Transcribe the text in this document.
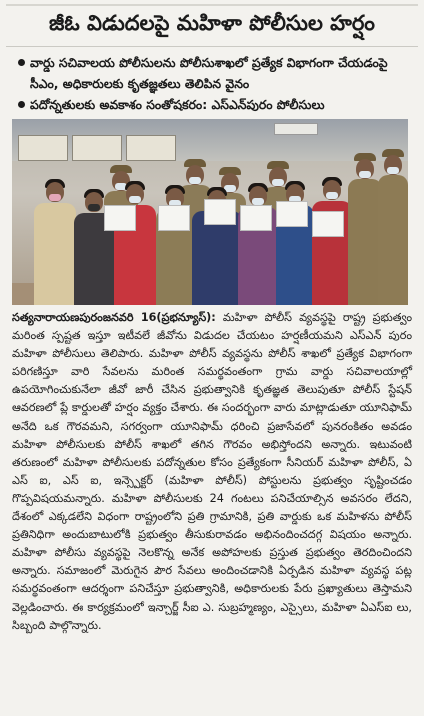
జీఓ విడుదలపై మహిళా పోలీసుల హర్షం

వార్డు సచివాలయ పోలీసులను పోలీసుశాఖలో ప్రత్యేక విభాగంగా చేయడంపై సీఎం, అధికారులకు కృతజ్ఞతలు తెలిపిన వైనం

పదోన్నతులకు అవకాశం సంతోషకరం: ఎస్‌ఎన్‌పురం పోలీసులు

సత్యనారాయణపురంజనవరి 16(ప్రభన్యూస్): మహిళా పోలీస్ వ్యవస్థపై రాష్ట్ర ప్రభుత్వం మరింత స్పష్టత ఇస్తూ ఇటీవలే జీవోను విడుదల చేయటం హర్షణీయమని ఎస్ఎన్ పురం మహిళా పోలీసులు తెలిపారు. మహిళా పోలీస్ వ్యవస్థను పోలీస్ శాఖలో ప్రత్యేక విభాగంగా పరిగణిస్తూ వారి సేవలను మరింత సమర్థవంతంగా గ్రామ వార్డు సచివాలయాల్లో ఉపయోగించుకునేలా జీవో జారీ చేసిన ప్రభుత్వానికి కృతజ్ఞత తెలుపుతూ పోలీస్ స్టేషన్ ఆవరణలో ప్లే కార్డులతో హర్షం వ్యక్తం చేశారు. ఈ సందర్భంగా వారు మాట్లాడుతూ యూనిఫామ్ అనేది ఒక గౌరవమని, సగర్వంగా యూనిఫామ్ ధరించి ప్రజాసేవలో పునరంకితం అవడం మహిళా పోలీసులకు పోలీస్ శాఖలో తగిన గౌరవం అభిస్తోందని అన్నారు. ఇటువంటి తరుణంలో మహిళా పోలీసులకు పదోన్నతుల కోసం ప్రత్యేకంగా సీనియర్ మహిళా పోలీస్, ఏ ఎస్ ఐ, ఎస్ ఐ, ఇన్స్పెక్టర్ (మహిళా పోలీస్) పోస్టులను ప్రభుత్వం సృష్టించడం గొప్పవిషయమన్నారు. మహిళా పోలీసులకు 24 గంటలు పనిచేయాల్సిన అవసరం లేదని, దేశంలో ఎక్కడలేని విధంగా రాష్ట్రంలోని ప్రతి గ్రామానికి, ప్రతి వార్డుకు ఒక మహిళను పోలీస్ ప్రతినిధిగా అందుబాటులోకి ప్రభుత్వం తీసుకురావడం అభినందించదగ్గ విషయం అన్నారు. మహిళా పోలీసు వ్యవస్థపై నెలకొన్న అనేక అపోహలకు ప్రస్తుత ప్రభుత్వం తెరదించిందని అన్నారు. సమాజంలో మెరుగైన పౌర సేవలు అందించడానికి ఏర్పడిన మహిళా వ్యవస్థ పట్ల సమర్థవంతంగా ఆదర్శంగా పనిచేస్తూ ప్రభుత్వానికి, అధికారులకు పేరు ప్రఖ్యాతులు తెస్తామని వెల్లడించారు. ఈ కార్యక్రమంలో ఇన్చార్జ్ సీఐ ఎ. సుబ్రహ్మణ్యం, ఎస్సైలు, మహిళా ఏఎస్ఐ లు, సిబ్బంది పాల్గొన్నారు.
